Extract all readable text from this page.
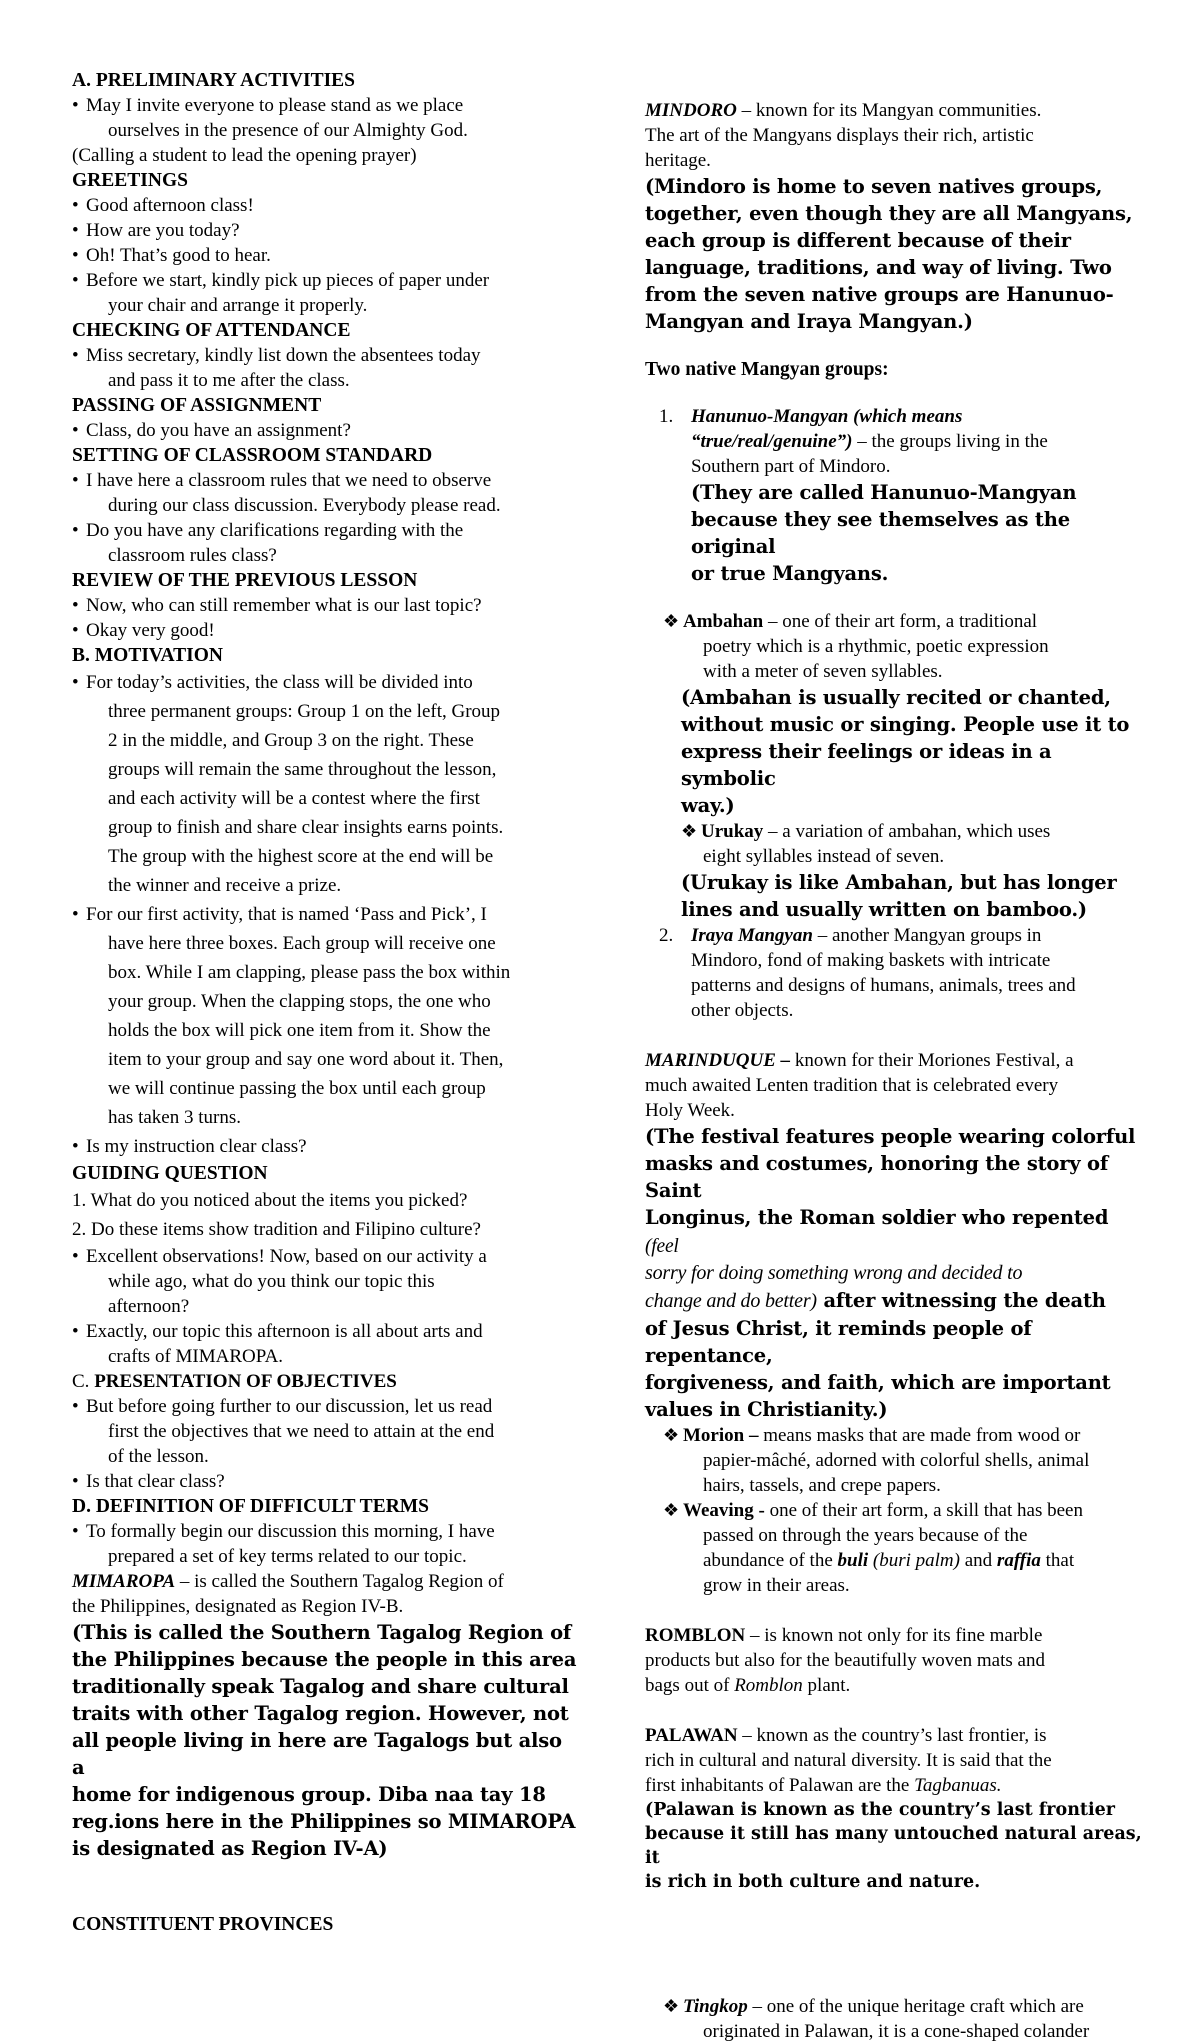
A. PRELIMINARY ACTIVITIES

• May I invite everyone to please stand as we place
ourselves in the presence of our Almighty God.

(Calling a student to lead the opening prayer)

GREETINGS

• Good afternoon class!
• How are you today?
• Oh! That’s good to hear.
• Before we start, kindly pick up pieces of paper under
your chair and arrange it properly.

CHECKING OF ATTENDANCE

• Miss secretary, kindly list down the absentees today
and pass it to me after the class.

PASSING OF ASSIGNMENT

• Class, do you have an assignment?

SETTING OF CLASSROOM STANDARD

• I have here a classroom rules that we need to observe
during our class discussion. Everybody please read.
• Do you have any clarifications regarding with the
classroom rules class?

REVIEW OF THE PREVIOUS LESSON

• Now, who can still remember what is our last topic?
• Okay very good!

B. MOTIVATION

• For today’s activities, the class will be divided into
three permanent groups: Group 1 on the left, Group
2 in the middle, and Group 3 on the right. These
groups will remain the same throughout the lesson,
and each activity will be a contest where the first
group to finish and share clear insights earns points.
The group with the highest score at the end will be
the winner and receive a prize.
• For our first activity, that is named ‘Pass and Pick’, I
have here three boxes. Each group will receive one
box. While I am clapping, please pass the box within
your group. When the clapping stops, the one who
holds the box will pick one item from it. Show the
item to your group and say one word about it. Then,
we will continue passing the box until each group
has taken 3 turns.
• Is my instruction clear class?

GUIDING QUESTION

1. What do you noticed about the items you picked?

2. Do these items show tradition and Filipino culture?

• Excellent observations! Now, based on our activity a
while ago, what do you think our topic this
afternoon?
• Exactly, our topic this afternoon is all about arts and
crafts of MIMAROPA.

C. PRESENTATION OF OBJECTIVES

• But before going further to our discussion, let us read
first the objectives that we need to attain at the end
of the lesson.
• Is that clear class?

D. DEFINITION OF DIFFICULT TERMS

• To formally begin our discussion this morning, I have
prepared a set of key terms related to our topic.

MIMAROPA – is called the Southern Tagalog Region of

the Philippines, designated as Region IV-B.

(This is called the Southern Tagalog Region of

the Philippines because the people in this area

traditionally speak Tagalog and share cultural

traits with other Tagalog region. However, not

all people living in here are Tagalogs but also a

home for indigenous group. Diba naa tay 18

reg.ions here in the Philippines so MIMAROPA

is designated as Region IV-A)

CONSTITUENT PROVINCES

MINDORO – known for its Mangyan communities.

The art of the Mangyans displays their rich, artistic

heritage.

(Mindoro is home to seven natives groups,

together, even though they are all Mangyans,

each group is different because of their

language, traditions, and way of living. Two

from the seven native groups are Hanunuo-

Mangyan and Iraya Mangyan.)

Two native Mangyan groups:

1. Hanunuo-Mangyan (which means
“true/real/genuine”) – the groups living in the
Southern part of Mindoro.

(They are called Hanunuo-Mangyan

because they see themselves as the original

or true Mangyans.

❖ Ambahan – one of their art form, a traditional
poetry which is a rhythmic, poetic expression
with a meter of seven syllables.

(Ambahan is usually recited or chanted,

without music or singing. People use it to

express their feelings or ideas in a symbolic

way.)

❖ Urukay – a variation of ambahan, which uses
eight syllables instead of seven.

(Urukay is like Ambahan, but has longer

lines and usually written on bamboo.)

2. Iraya Mangyan – another Mangyan groups in
Mindoro, fond of making baskets with intricate
patterns and designs of humans, animals, trees and
other objects.

MARINDUQUE – known for their Moriones Festival, a

much awaited Lenten tradition that is celebrated every

Holy Week.

(The festival features people wearing colorful

masks and costumes, honoring the story of Saint

Longinus, the Roman soldier who repented (feel

sorry for doing something wrong and decided to

change and do better) after witnessing the death

of Jesus Christ, it reminds people of repentance,

forgiveness, and faith, which are important

values in Christianity.)

❖ Morion – means masks that are made from wood or
papier-mâché, adorned with colorful shells, animal
hairs, tassels, and crepe papers.
❖ Weaving - one of their art form, a skill that has been
passed on through the years because of the
abundance of the buli (buri palm) and raffia that
grow in their areas.

ROMBLON – is known not only for its fine marble

products but also for the beautifully woven mats and

bags out of Romblon plant.

PALAWAN – known as the country’s last frontier, is

rich in cultural and natural diversity. It is said that the

first inhabitants of Palawan are the Tagbanuas.

(Palawan is known as the country’s last frontier

because it still has many untouched natural areas, it

is rich in both culture and nature.

❖ Tingkop – one of the unique heritage craft which are
originated in Palawan, it is a cone-shaped colander
